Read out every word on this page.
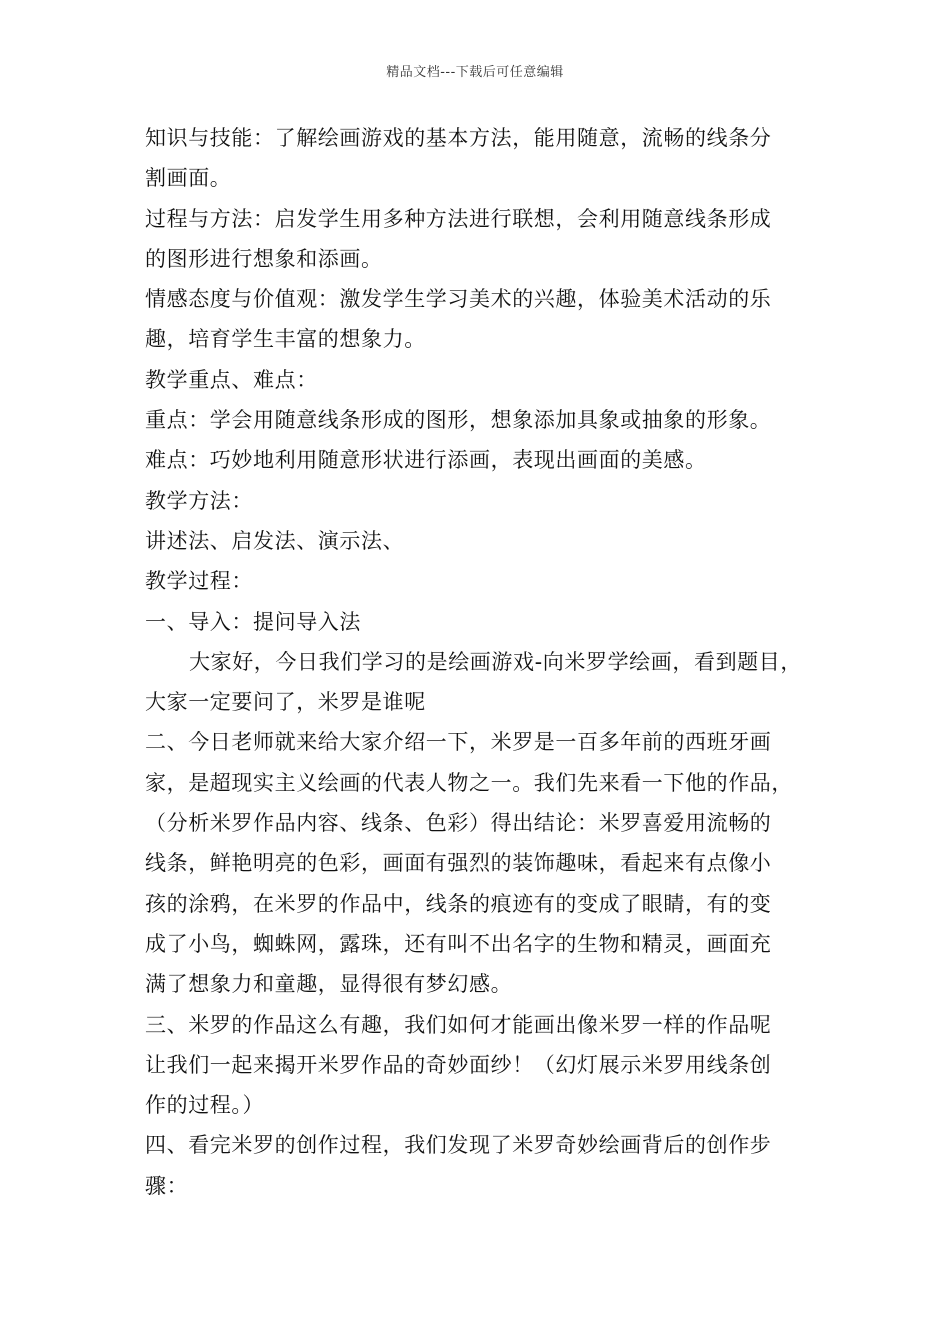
精品文档---下载后可任意编辑
知识与技能：了解绘画游戏的基本方法，能用随意，流畅的线条分
割画面。
过程与方法：启发学生用多种方法进行联想，会利用随意线条形成
的图形进行想象和添画。
情感态度与价值观：激发学生学习美术的兴趣，体验美术活动的乐
趣，培育学生丰富的想象力。
教学重点、难点：
重点：学会用随意线条形成的图形，想象添加具象或抽象的形象。
难点：巧妙地利用随意形状进行添画，表现出画面的美感。
教学方法：
讲述法、启发法、演示法、
教学过程：
一、导入：提问导入法
大家好，今日我们学习的是绘画游戏-向米罗学绘画，看到题目，
大家一定要问了，米罗是谁呢
二、今日老师就来给大家介绍一下，米罗是一百多年前的西班牙画
家，是超现实主义绘画的代表人物之一。我们先来看一下他的作品，
（分析米罗作品内容、线条、色彩）得出结论：米罗喜爱用流畅的
线条，鲜艳明亮的色彩，画面有强烈的装饰趣味，看起来有点像小
孩的涂鸦，在米罗的作品中，线条的痕迹有的变成了眼睛，有的变
成了小鸟，蜘蛛网，露珠，还有叫不出名字的生物和精灵，画面充
满了想象力和童趣，显得很有梦幻感。
三、米罗的作品这么有趣，我们如何才能画出像米罗一样的作品呢
让我们一起来揭开米罗作品的奇妙面纱！（幻灯展示米罗用线条创
作的过程。）
四、看完米罗的创作过程，我们发现了米罗奇妙绘画背后的创作步
骤：
